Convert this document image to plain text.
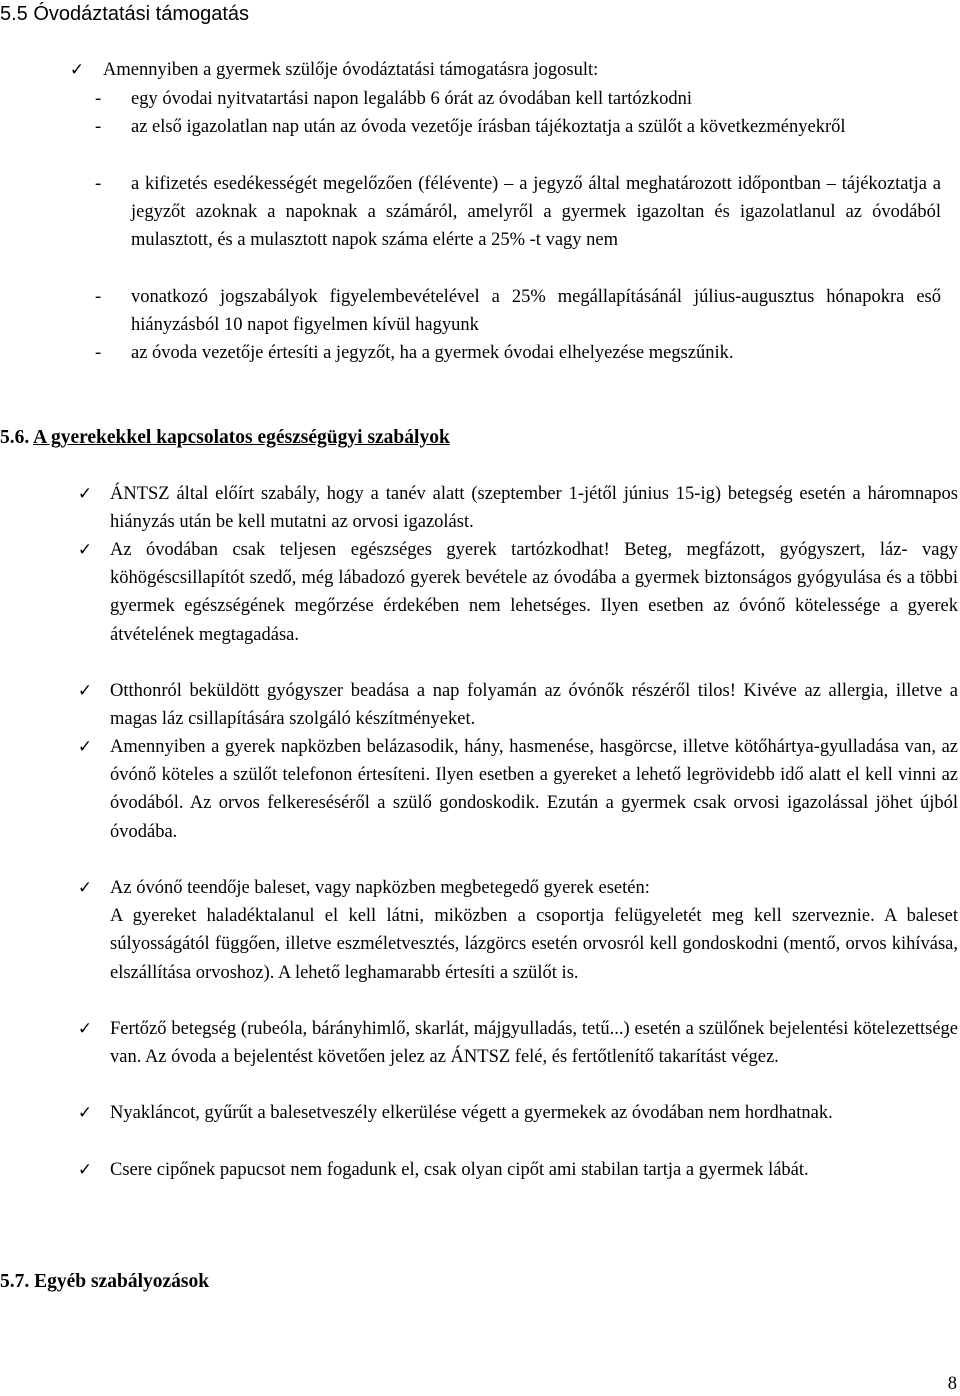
5.5 Óvodáztatási támogatás
✓	Amennyiben a gyermek szülője óvodáztatási támogatásra jogosult:
-	egy óvodai nyitvatartási napon legalább 6 órát az óvodában kell tartózkodni
-	az első igazolatlan nap után az óvoda vezetője írásban tájékoztatja a szülőt a következményekről
-	a kifizetés esedékességét megelőzően (félévente) – a jegyző által meghatározott időpontban – tájékoztatja a jegyzőt azoknak a napoknak a számáról, amelyről a gyermek igazoltan és igazolatlanul az óvodából mulasztott, és a mulasztott napok száma elérte a 25% -t vagy nem
-	vonatkozó jogszabályok figyelembevételével a 25% megállapításánál július-augusztus hónapokra eső hiányzásból 10 napot figyelmen kívül hagyunk
-	az óvoda vezetője értesíti a jegyzőt, ha a gyermek óvodai elhelyezése megszűnik.
5.6. A gyerekekkel kapcsolatos egészségügyi szabályok
✓ ÁNTSZ által előírt szabály, hogy a tanév alatt (szeptember 1-jétől június 15-ig) betegség esetén a háromnapos hiányzás után be kell mutatni az orvosi igazolást.

✓ Az óvodában csak teljesen egészséges gyerek tartózkodhat! Beteg, megfázott, gyógyszert, láz- vagy köhögéscsillapítót szedő, még lábadozó gyerek bevétele az óvodába a gyermek biztonságos gyógyulása és a többi gyermek egészségének megőrzése érdekében nem lehetséges. Ilyen esetben az óvónő kötelessége a gyerek átvételének megtagadása.

✓ Otthonról beküldött gyógyszer beadása a nap folyamán az óvónők részéről tilos! Kivéve az allergia, illetve a magas láz csillapítására szolgáló készítményeket.

✓ Amennyiben a gyerek napközben belázasodik, hány, hasmenése, hasgörcse, illetve kötőhártya-gyulladása van, az óvónő köteles a szülőt telefonon értesíteni. Ilyen esetben a gyereket a lehető legrövidebb idő alatt el kell vinni az óvodából. Az orvos felkereséséről a szülő gondoskodik. Ezután a gyermek csak orvosi igazolással jöhet újból óvodába.

✓ Az óvónő teendője baleset, vagy napközben megbetegedő gyerek esetén:

A gyereket haladéktalanul el kell látni, miközben a csoportja felügyeletét meg kell szerveznie. A baleset súlyosságától függően, illetve eszméletvesztés, lázgörcs esetén orvosról kell gondoskodni (mentő, orvos kihívása, elszállítása orvoshoz). A lehető leghamarabb értesíti a szülőt is.

✓ Fertőző betegség (rubeóla, bárányhimlő, skarlát, májgyulladás, tetű...) esetén a szülőnek bejelentési kötelezettsége van. Az óvoda a bejelentést követően jelez az ÁNTSZ felé, és fertőtlenítő takarítást végez.

✓ Nyakláncot, gyűrűt a balesetveszély elkerülése végett a gyermekek az óvodában nem hordhatnak.

✓ Csere cipőnek papucsot nem fogadunk el, csak olyan cipőt ami stabilan tartja a gyermek lábát.

5.7. Egyéb szabályozások
8
